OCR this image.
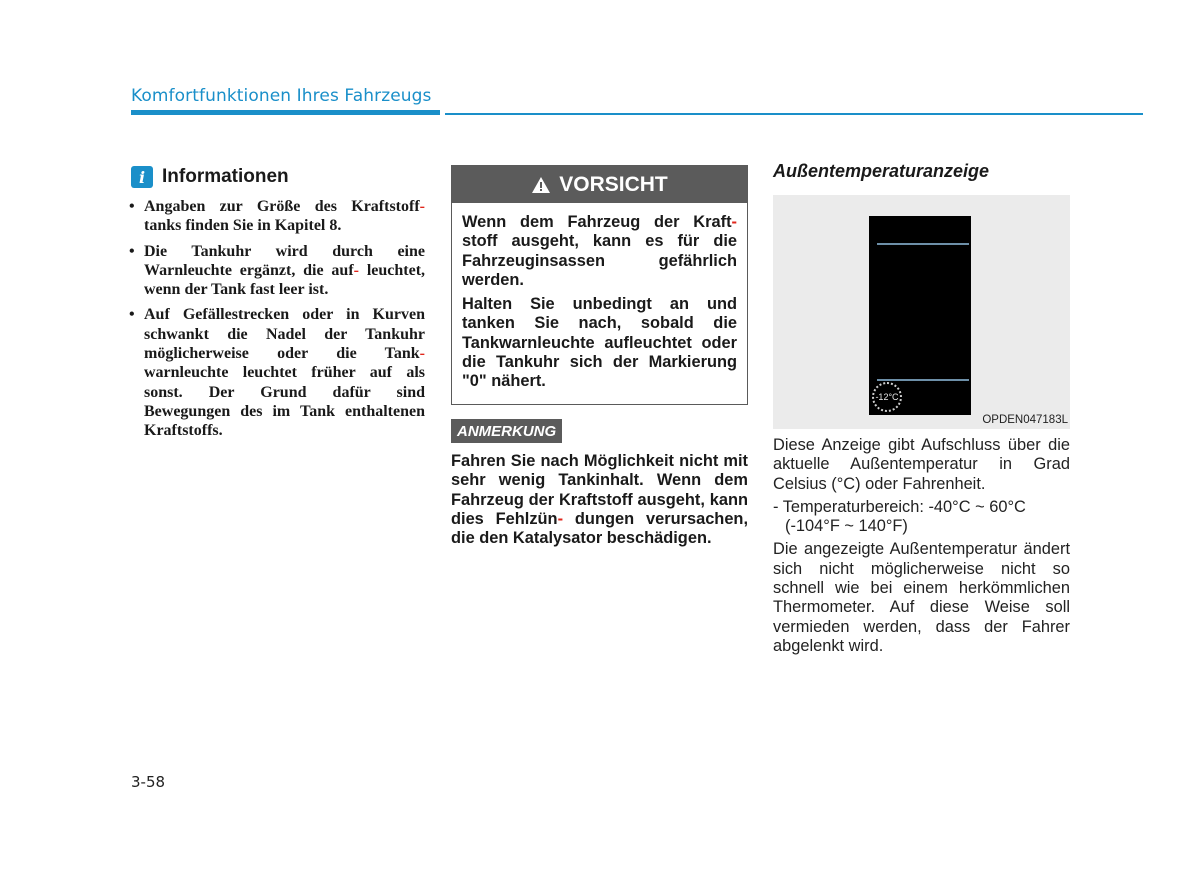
Komfortfunktionen Ihres Fahrzeugs
i Informationen
• Angaben zur Größe des Kraftstoff- tanks finden Sie in Kapitel 8.
• Die Tankuhr wird durch eine Warnleuchte ergänzt, die auf- leuchtet, wenn der Tank fast leer ist.
• Auf Gefällestrecken oder in Kurven schwankt die Nadel der Tankuhr möglicherweise oder die Tank- warnleuchte leuchtet früher auf als sonst. Der Grund dafür sind Bewegungen des im Tank enthaltenen Kraftstoffs.
VORSICHT

Wenn dem Fahrzeug der Kraft- stoff ausgeht, kann es für die Fahrzeuginsassen gefährlich werden.

Halten Sie unbedingt an und tanken Sie nach, sobald die Tankwarnleuchte aufleuchtet oder die Tankuhr sich der Markierung "0" nähert.

ANMERKUNG
Fahren Sie nach Möglichkeit nicht mit sehr wenig Tankinhalt. Wenn dem Fahrzeug der Kraftstoff ausgeht, kann dies Fehlzün- dungen verursachen, die den Katalysator beschädigen.
Außentemperaturanzeige
-12°C
OPDEN047183L

Diese Anzeige gibt Aufschluss über die aktuelle Außentemperatur in Grad Celsius (°C) oder Fahrenheit.

- Temperaturbereich: -40°C ~ 60°C

(-104°F ~ 140°F)

Die angezeigte Außentemperatur ändert sich nicht möglicherweise nicht so schnell wie bei einem herkömmlichen Thermometer. Auf diese Weise soll vermieden werden, dass der Fahrer abgelenkt wird.

3-58
